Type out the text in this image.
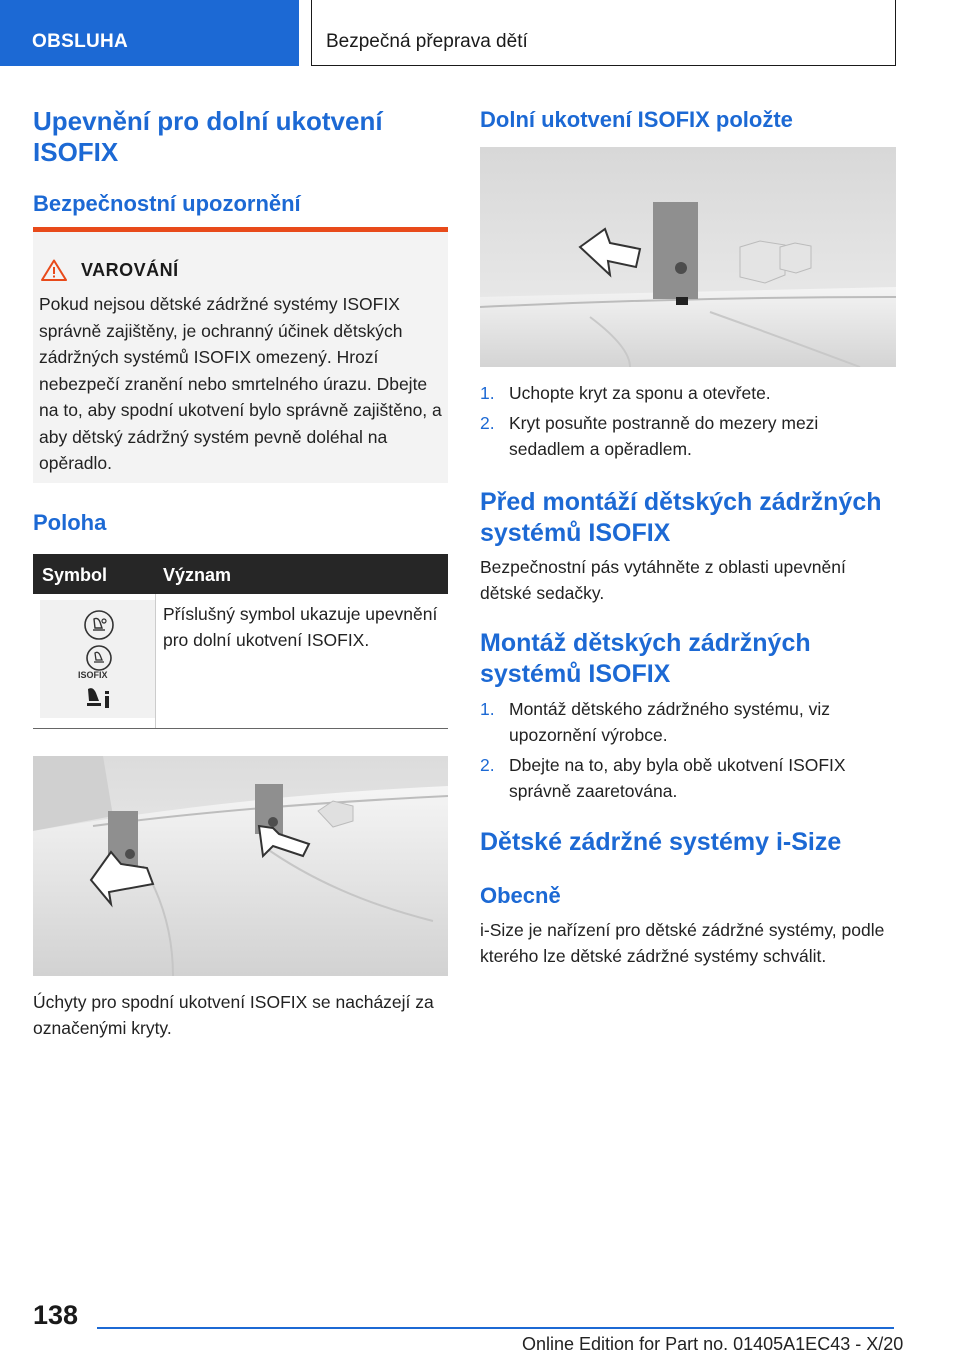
OBSLUHA	Bezpečná přeprava dětí
Upevnění pro dolní ukotvení ISOFIX
Bezpečnostní upozornění
VAROVÁNÍ
Pokud nejsou dětské zádržné systémy ISOFIX správně zajištěny, je ochranný účinek dětských zádržných systémů ISOFIX omezený. Hrozí nebezpečí zranění nebo smrtelného úrazu. Dbejte na to, aby spodní ukotvení bylo správně zajištěno, a aby dětský zádržný systém pevně doléhal na opěradlo.
Poloha
Symbol	Význam
ISOFIX
Příslušný symbol ukazuje upevnění pro dolní ukotvení ISOFIX.
Úchyty pro spodní ukotvení ISOFIX se nacházejí za označenými kryty.
Dolní ukotvení ISOFIX položte
1. Uchopte kryt za sponu a otevřete.
2. Kryt posuňte postranně do mezery mezi sedadlem a opěradlem.
Před montáží dětských zádržných systémů ISOFIX
Bezpečnostní pás vytáhněte z oblasti upevnění dětské sedačky.
Montáž dětských zádržných systémů ISOFIX
1. Montáž dětského zádržného systému, viz upozornění výrobce.
2. Dbejte na to, aby byla obě ukotvení ISOFIX správně zaaretována.
Dětské zádržné systémy i-Size
Obecně
i-Size je nařízení pro dětské zádržné systémy, podle kterého lze dětské zádržné systémy schválit.
138
Online Edition for Part no. 01405A1EC43 - X/20
